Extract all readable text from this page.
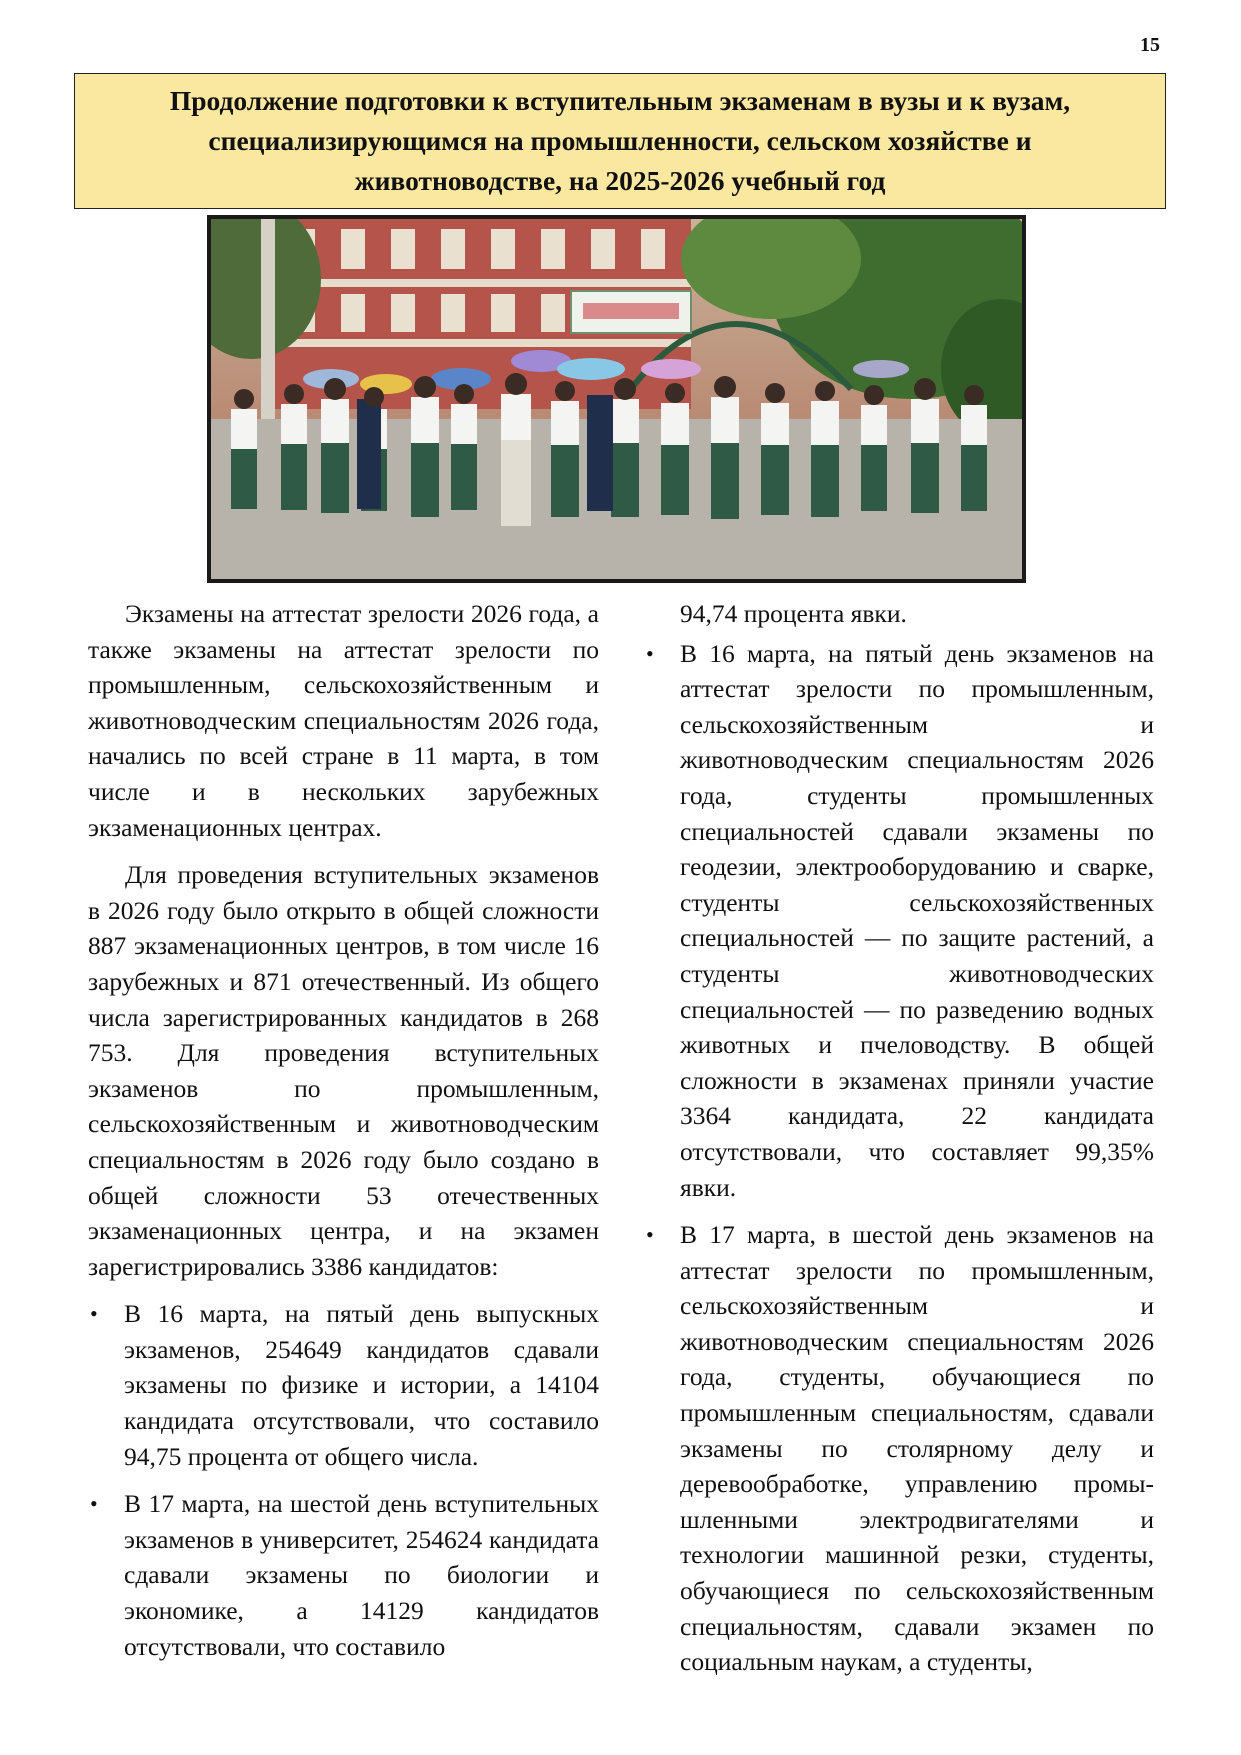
15
Продолжение подготовки к вступительным экзаменам в вузы и к вузам, специализирующимся на промышленности, сельском хозяйстве и животноводстве, на 2025-2026 учебный год

Экзамены на аттестат зрелости 2026 года, а также экзамены на аттестат зрелости по промышленным, сельскохозяйственным и животноводческим специальностям 2026 года, начались по всей стране в 11 марта, в том числе и в нескольких зарубежных экзаменационных центрах.

Для проведения вступительных экзаменов в 2026 году было открыто в общей сложности 887 экзаменационных центров, в том числе 16 зарубежных и 871 отечественный. Из общего числа зарегистрированных кандидатов в 268 753. Для проведения вступительных экзаменов по промышленным, сельскохозяйственным и животноводческим специальностям в 2026 году было создано в общей сложности 53 отечественных экзаменационных центра, и на экзамен зарегистрировались 3386 кандидатов:

• В 16 марта, на пятый день выпускных экзаменов, 254649 кандидатов сдавали экзамены по физике и истории, а 14104 кандидата отсутствовали, что составило 94,75 процента от общего числа.
• В 17 марта, на шестой день вступительных экзаменов в университет, 254624 кандидата сдавали экзамены по биологии и экономике, а 14129 кандидатов отсутствовали, что составило

94,74 процента явки.

• В 16 марта, на пятый день экзаменов на аттестат зрелости по промышленным, сельскохозяйственным и животноводческим специальностям 2026 года, студенты промышленных специальностей сдавали экзамены по геодезии, электрооборудованию и сварке, студенты сельскохозяйственных специальностей — по защите растений, а студенты животноводческих специальностей — по разведению водных животных и пчеловодству. В общей сложности в экзаменах приняли участие 3364 кандидата, 22 кандидата отсутствовали, что составляет 99,35% явки.
• В 17 марта, в шестой день экзаменов на аттестат зрелости по промышленным, сельскохозяйственным и животноводческим специальностям 2026 года, студенты, обучающиеся по промышленным специальностям, сдавали экзамены по столярному делу и деревообработке, управлению промы-шленными электродвигателями и технологии машинной резки, студенты, обучающиеся по сельскохозяйственным специальностям, сдавали экзамен по социальным наукам, а студенты,
